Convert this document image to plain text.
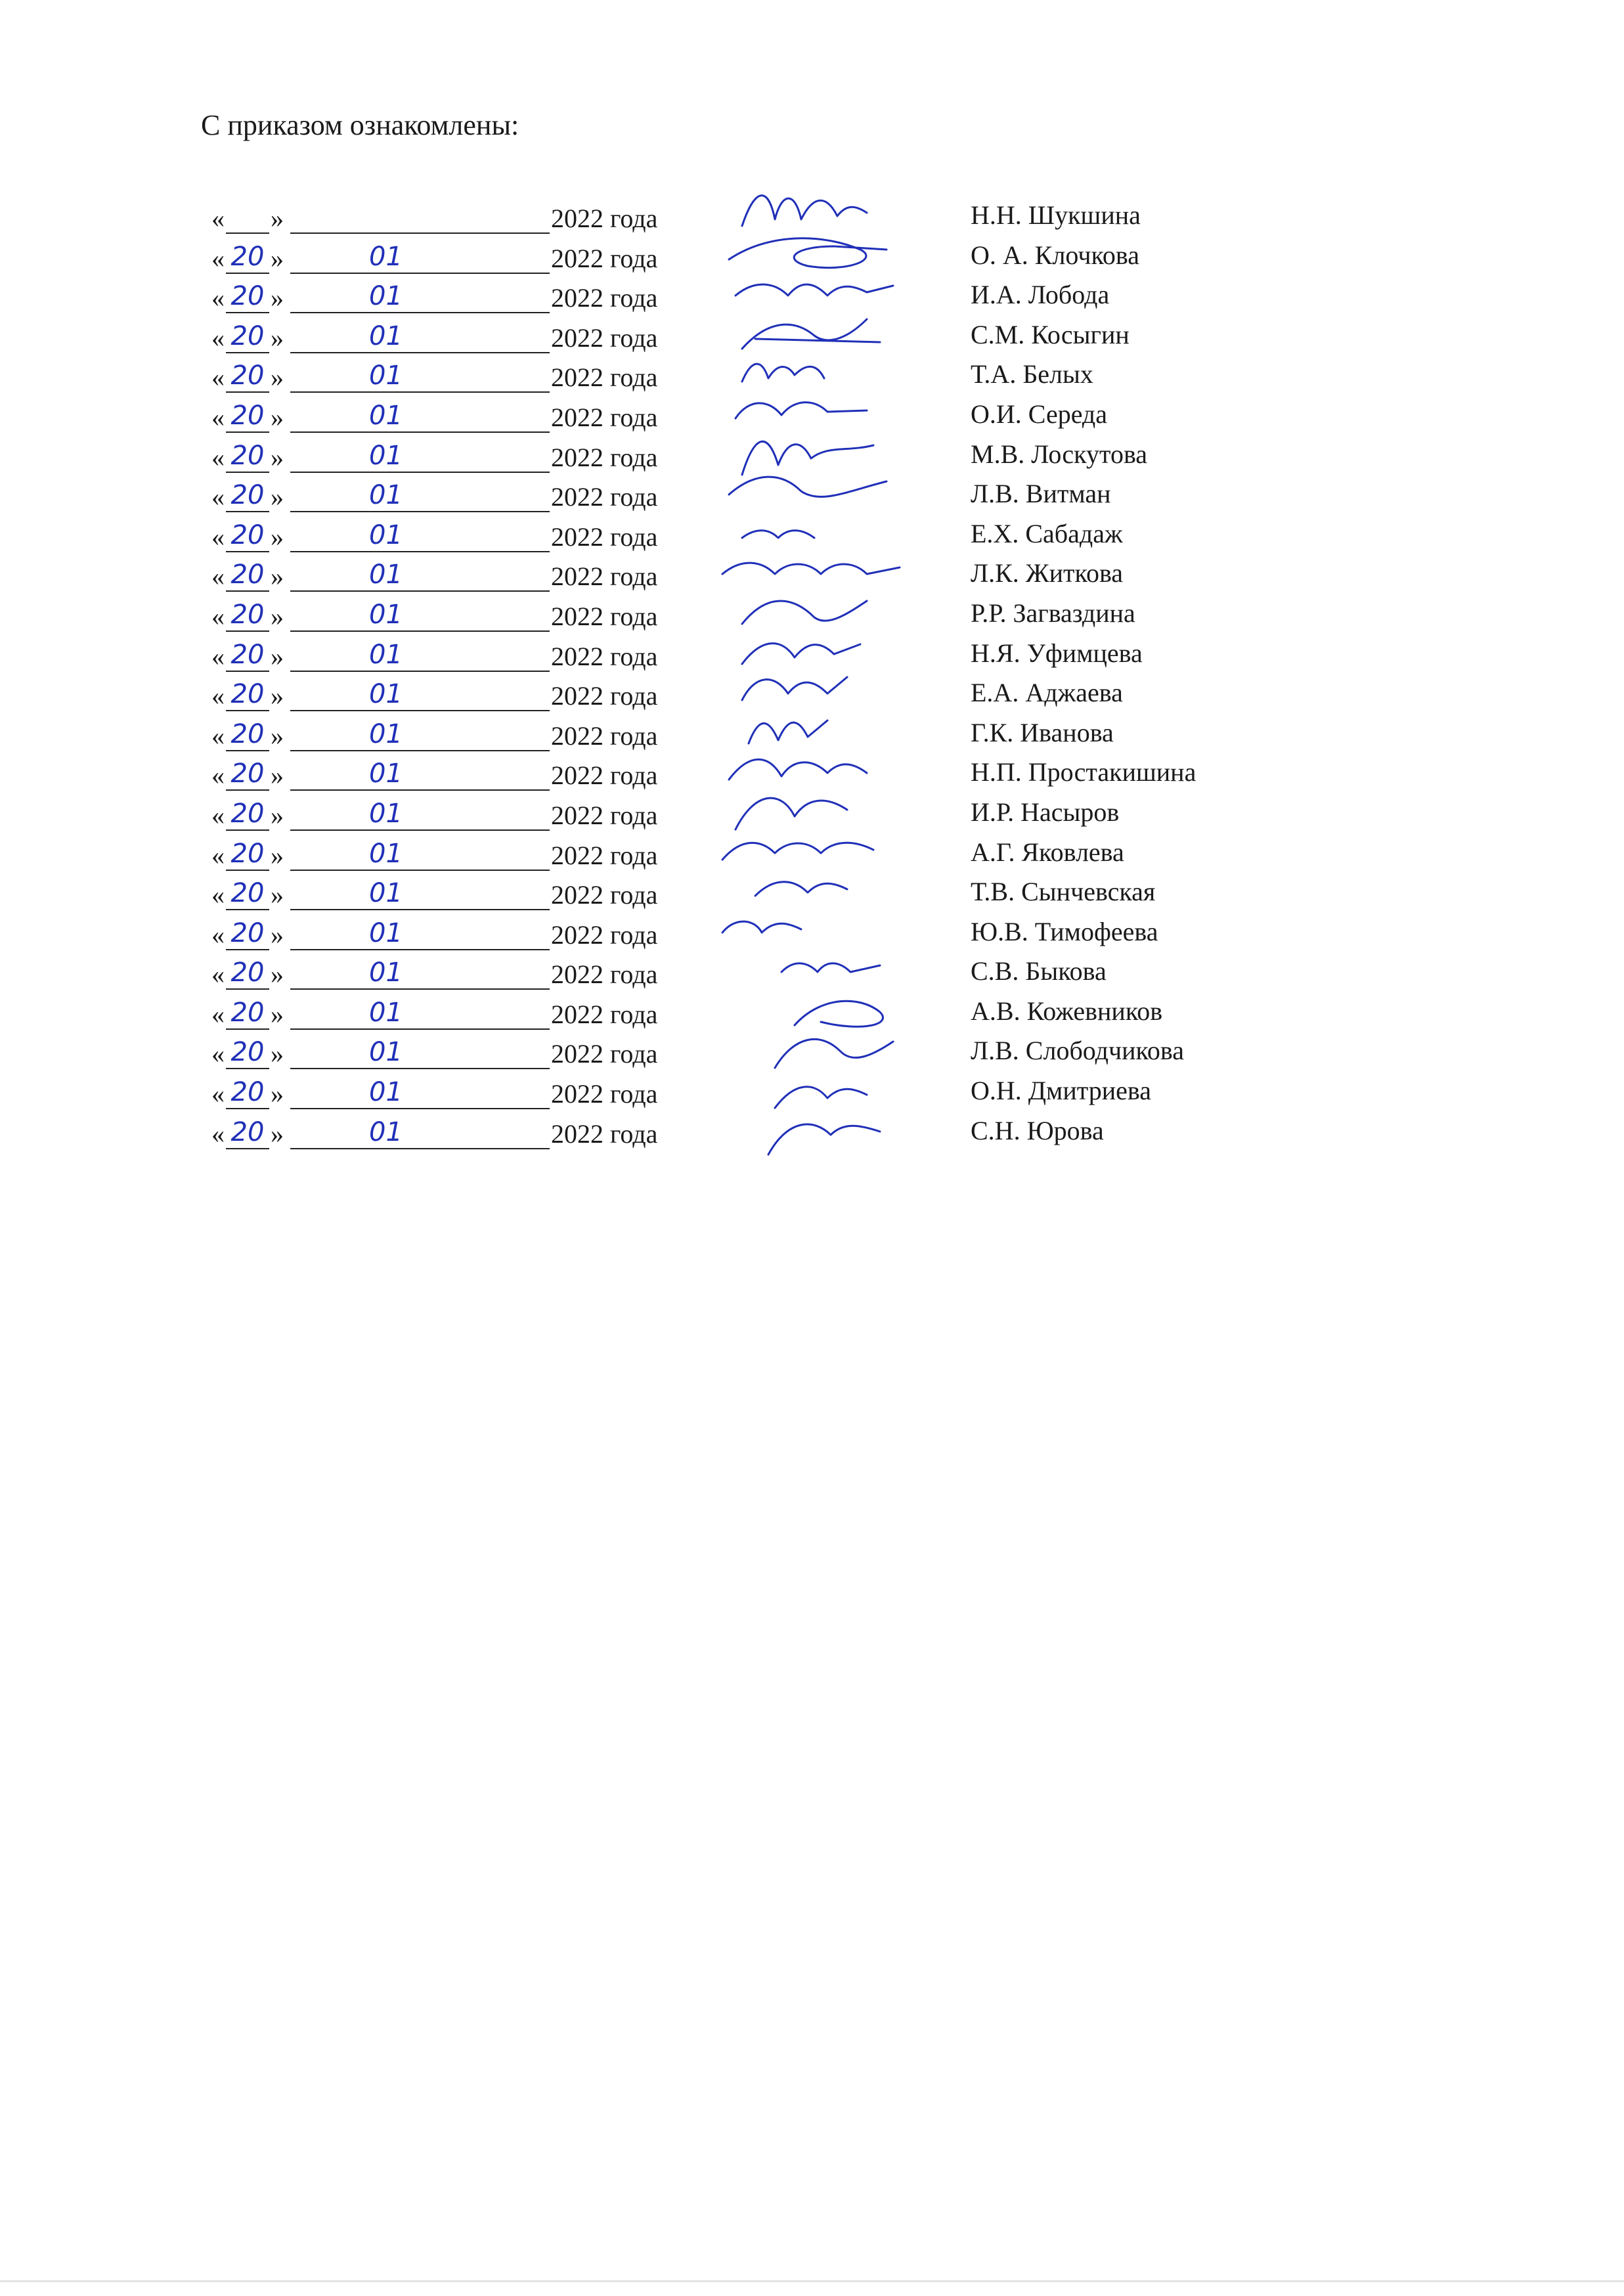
С приказом ознакомлены:
« »	2022 года	Н.Н. Шукшина
« 20 »	01	2022 года	О. А. Клочкова
« 20 »	01	2022 года	И.А. Лобода
« 20 »	01	2022 года	С.М. Косыгин
« 20 »	01	2022 года	Т.А. Белых
« 20 »	01	2022 года	О.И. Середа
« 20 »	01	2022 года	М.В. Лоскутова
« 20 »	01	2022 года	Л.В. Витман
« 20 »	01	2022 года	Е.Х. Сабадаж
« 20 »	01	2022 года	Л.К. Житкова
« 20 »	01	2022 года	Р.Р. Загваздина
« 20 »	01	2022 года	Н.Я. Уфимцева
« 20 »	01	2022 года	Е.А. Аджаева
« 20 »	01	2022 года	Г.К. Иванова
« 20 »	01	2022 года	Н.П. Простакишина
« 20 »	01	2022 года	И.Р. Насыров
« 20 »	01	2022 года	А.Г. Яковлева
« 20 »	01	2022 года	Т.В. Сынчевская
« 20 »	01	2022 года	Ю.В. Тимофеева
« 20 »	01	2022 года	С.В. Быкова
« 20 »	01	2022 года	А.В. Кожевников
« 20 »	01	2022 года	Л.В. Слободчикова
« 20 »	01	2022 года	О.Н. Дмитриева
« 20 »	01	2022 года	С.Н. Юрова
